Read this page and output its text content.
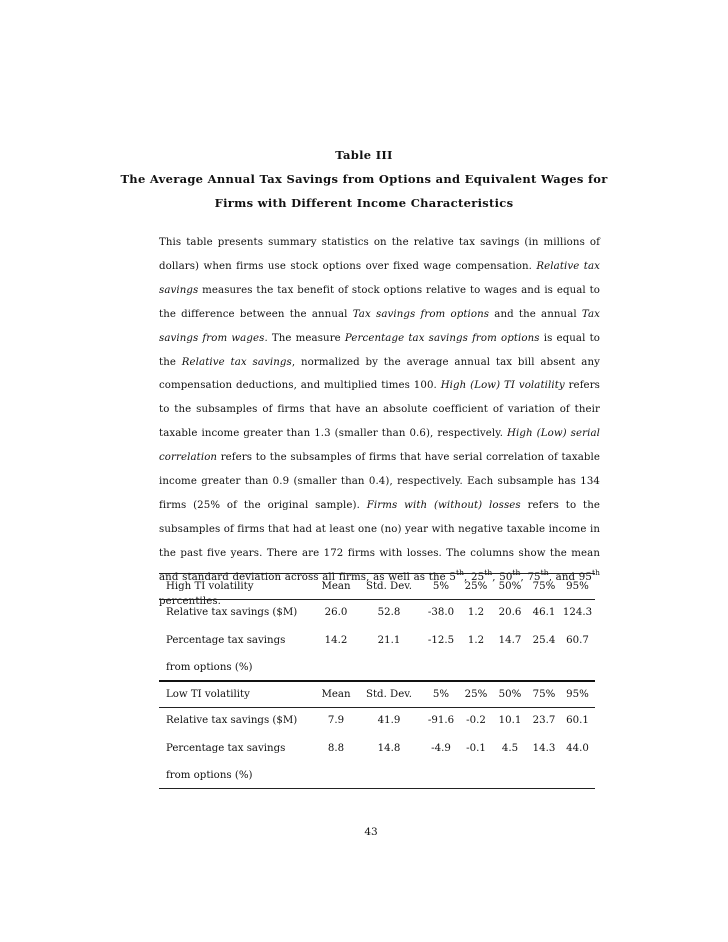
Table III
The Average Annual Tax Savings from Options and Equivalent Wages for
Firms with Different Income Characteristics
This table presents summary statistics on the relative tax savings (in millions of dollars) when firms use stock options over fixed wage compensation. Relative tax savings measures the tax benefit of stock options relative to wages and is equal to the difference between the annual Tax savings from options and the annual Tax savings from wages. The measure Percentage tax savings from options is equal to the Relative tax savings, normalized by the average annual tax bill absent any compensation deductions, and multiplied times 100. High (Low) TI volatility refers to the subsamples of firms that have an absolute coefficient of variation of their taxable income greater than 1.3 (smaller than 0.6), respectively. High (Low) serial correlation refers to the subsamples of firms that have serial correlation of taxable income greater than 0.9 (smaller than 0.4), respectively. Each subsample has 134 firms (25% of the original sample). Firms with (without) losses refers to the subsamples of firms that had at least one (no) year with negative taxable income in the past five years. There are 172 firms with losses. The columns show the mean and standard deviation across all firms, as well as the 5th, 25th, 50th, 75th, and 95th percentiles.
High TI volatility	Mean	Std. Dev.	5%	25%	50%	75%	95%
Relative tax savings ($M)	26.0	52.8	-38.0	1.2	20.6	46.1	124.3
Percentage tax savings	14.2	21.1	-12.5	1.2	14.7	25.4	60.7
from options (%)							
Low TI volatility	Mean	Std. Dev.	5%	25%	50%	75%	95%
Relative tax savings ($M)	7.9	41.9	-91.6	-0.2	10.1	23.7	60.1
Percentage tax savings	8.8	14.8	-4.9	-0.1	4.5	14.3	44.0
from options (%)							
43
